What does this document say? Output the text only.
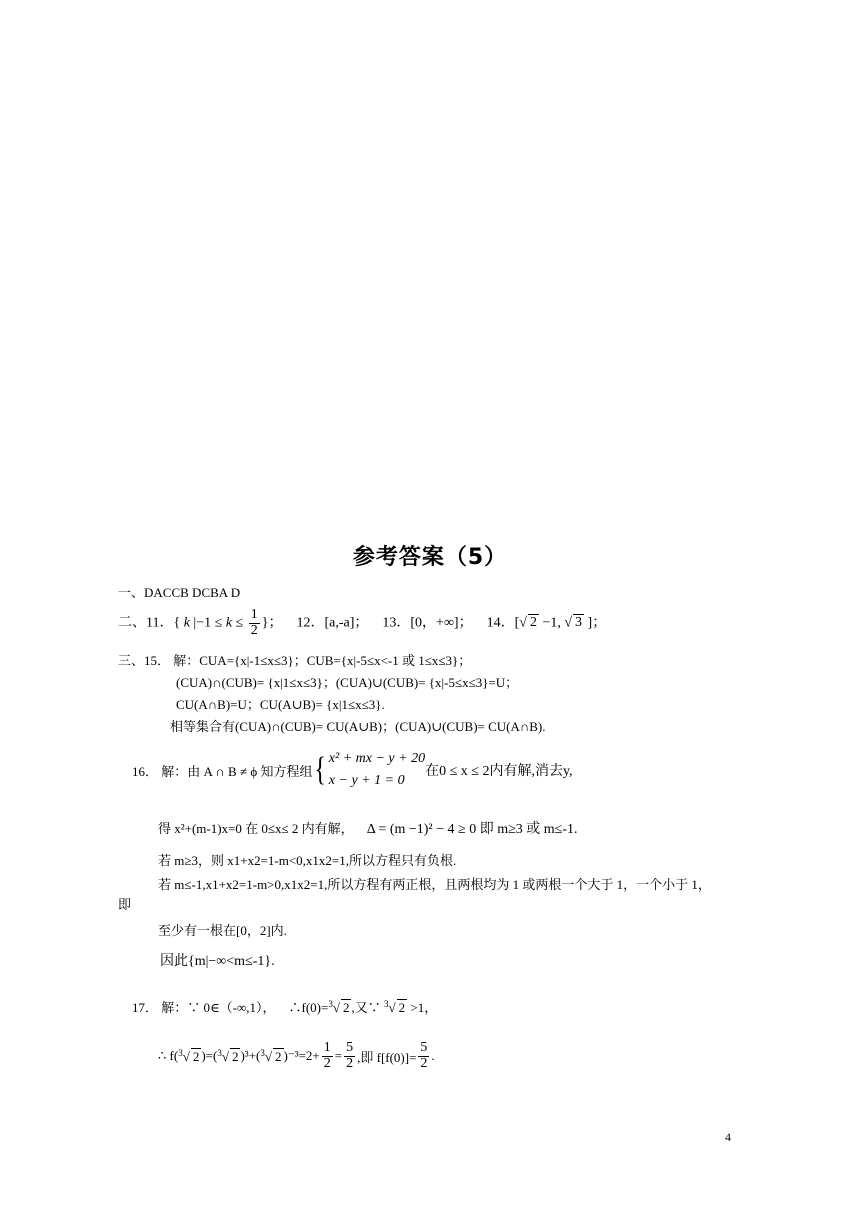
参考答案（5）
一、DACCB DCBA D
二、11．{ k $|-1 \le k \le \frac{1}{2}$ }； 12．[a,-a]； 13．[0，+∞]； 14．[√ 2 −1, √ 3 ]；
三、15． 解：CUA={x|-1≤x≤3}；CUB={x|-5≤x<-1 或 1≤x≤3}；
(CUA)∩(CUB)= {x|1≤x≤3}；(CUA)∪(CUB)= {x|-5≤x≤3}=U；
CU(A∩B)=U；CU(A∪B)= {x|1≤x≤3}.
相等集合有(CUA)∩(CUB)= CU(A∪B)；(CUA)∪(CUB)= CU(A∩B).
16． 解：由 A ∩ B ≠ ϕ 知方程组 { x² + mx − y + 20
x − y + 1 = 0
在0 ≤ x ≤ 2内有解,消去y,
得 x²+(m-1)x=0 在 0≤x≤ 2 内有解， Δ = (m −1)² − 4 ≥ 0 即 m≥3 或 m≤-1.
若 m≥3，则 x1+x2=1-m<0,x1x2=1,所以方程只有负根.
若 m≤-1,x1+x2=1-m>0,x1x2=1,所以方程有两正根，且两根均为 1 或两根一个大于 1，一个小于 1，
即
至少有一根在[0，2]内.
因此{m|−∞<m≤-1}.
17． 解：∵ 0∈（-∞,1）， ∴f(0)=$^3$√ 2 ,又∵ $^3$√ 2 >1，
∴ f( $^3$√ 2 )=( $^3$√ 2 )³+( $^3$√ 2 )$^{-3}=2+ \frac{1}{2} = \frac{5}{2}$ ,即 $f[f(0)]= \frac{5}{2}$ .
4
